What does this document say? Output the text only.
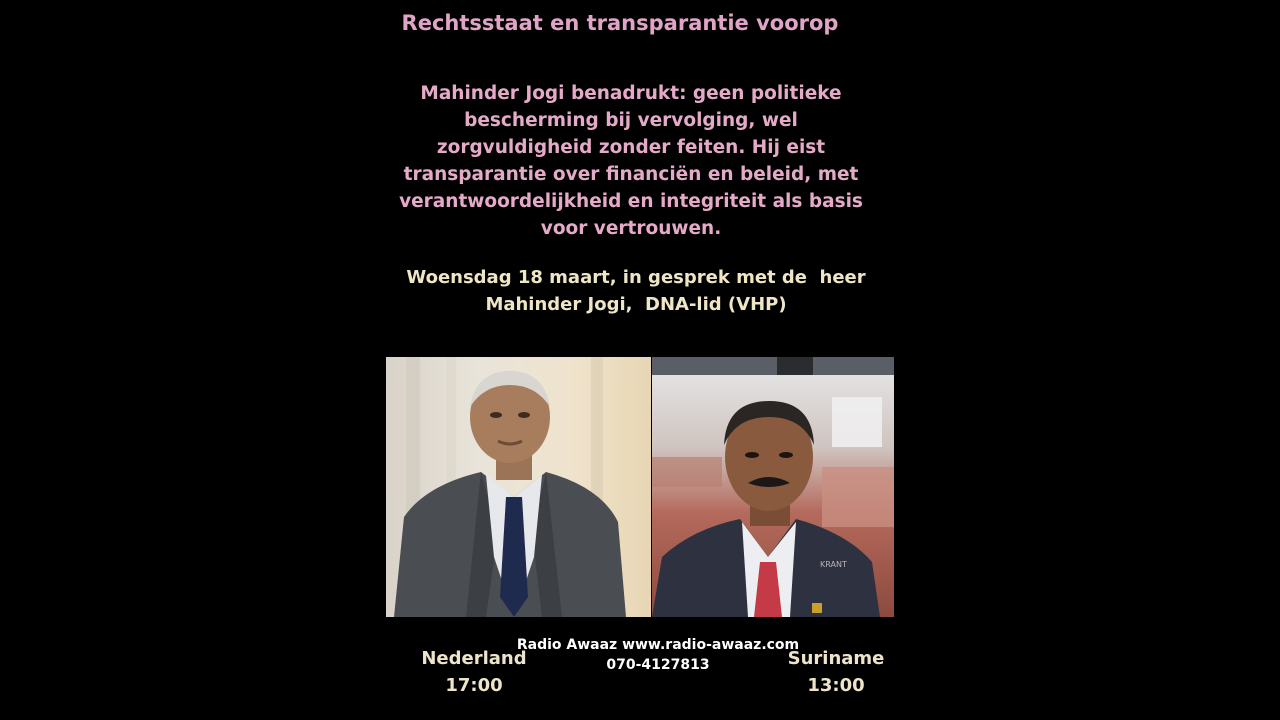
Rechtsstaat en transparantie voorop
Mahinder Jogi benadrukt: geen politieke
bescherming bij vervolging, wel
zorgvuldigheid zonder feiten. Hij eist
transparantie over financiën en beleid, met
verantwoordelijkheid en integriteit als basis
voor vertrouwen.
Woensdag 18 maart, in gesprek met de  heer
Mahinder Jogi,  DNA-lid (VHP)
KRANT
Radio Awaaz www.radio-awaaz.com
070-4127813
Nederland
17:00
Suriname
13:00
